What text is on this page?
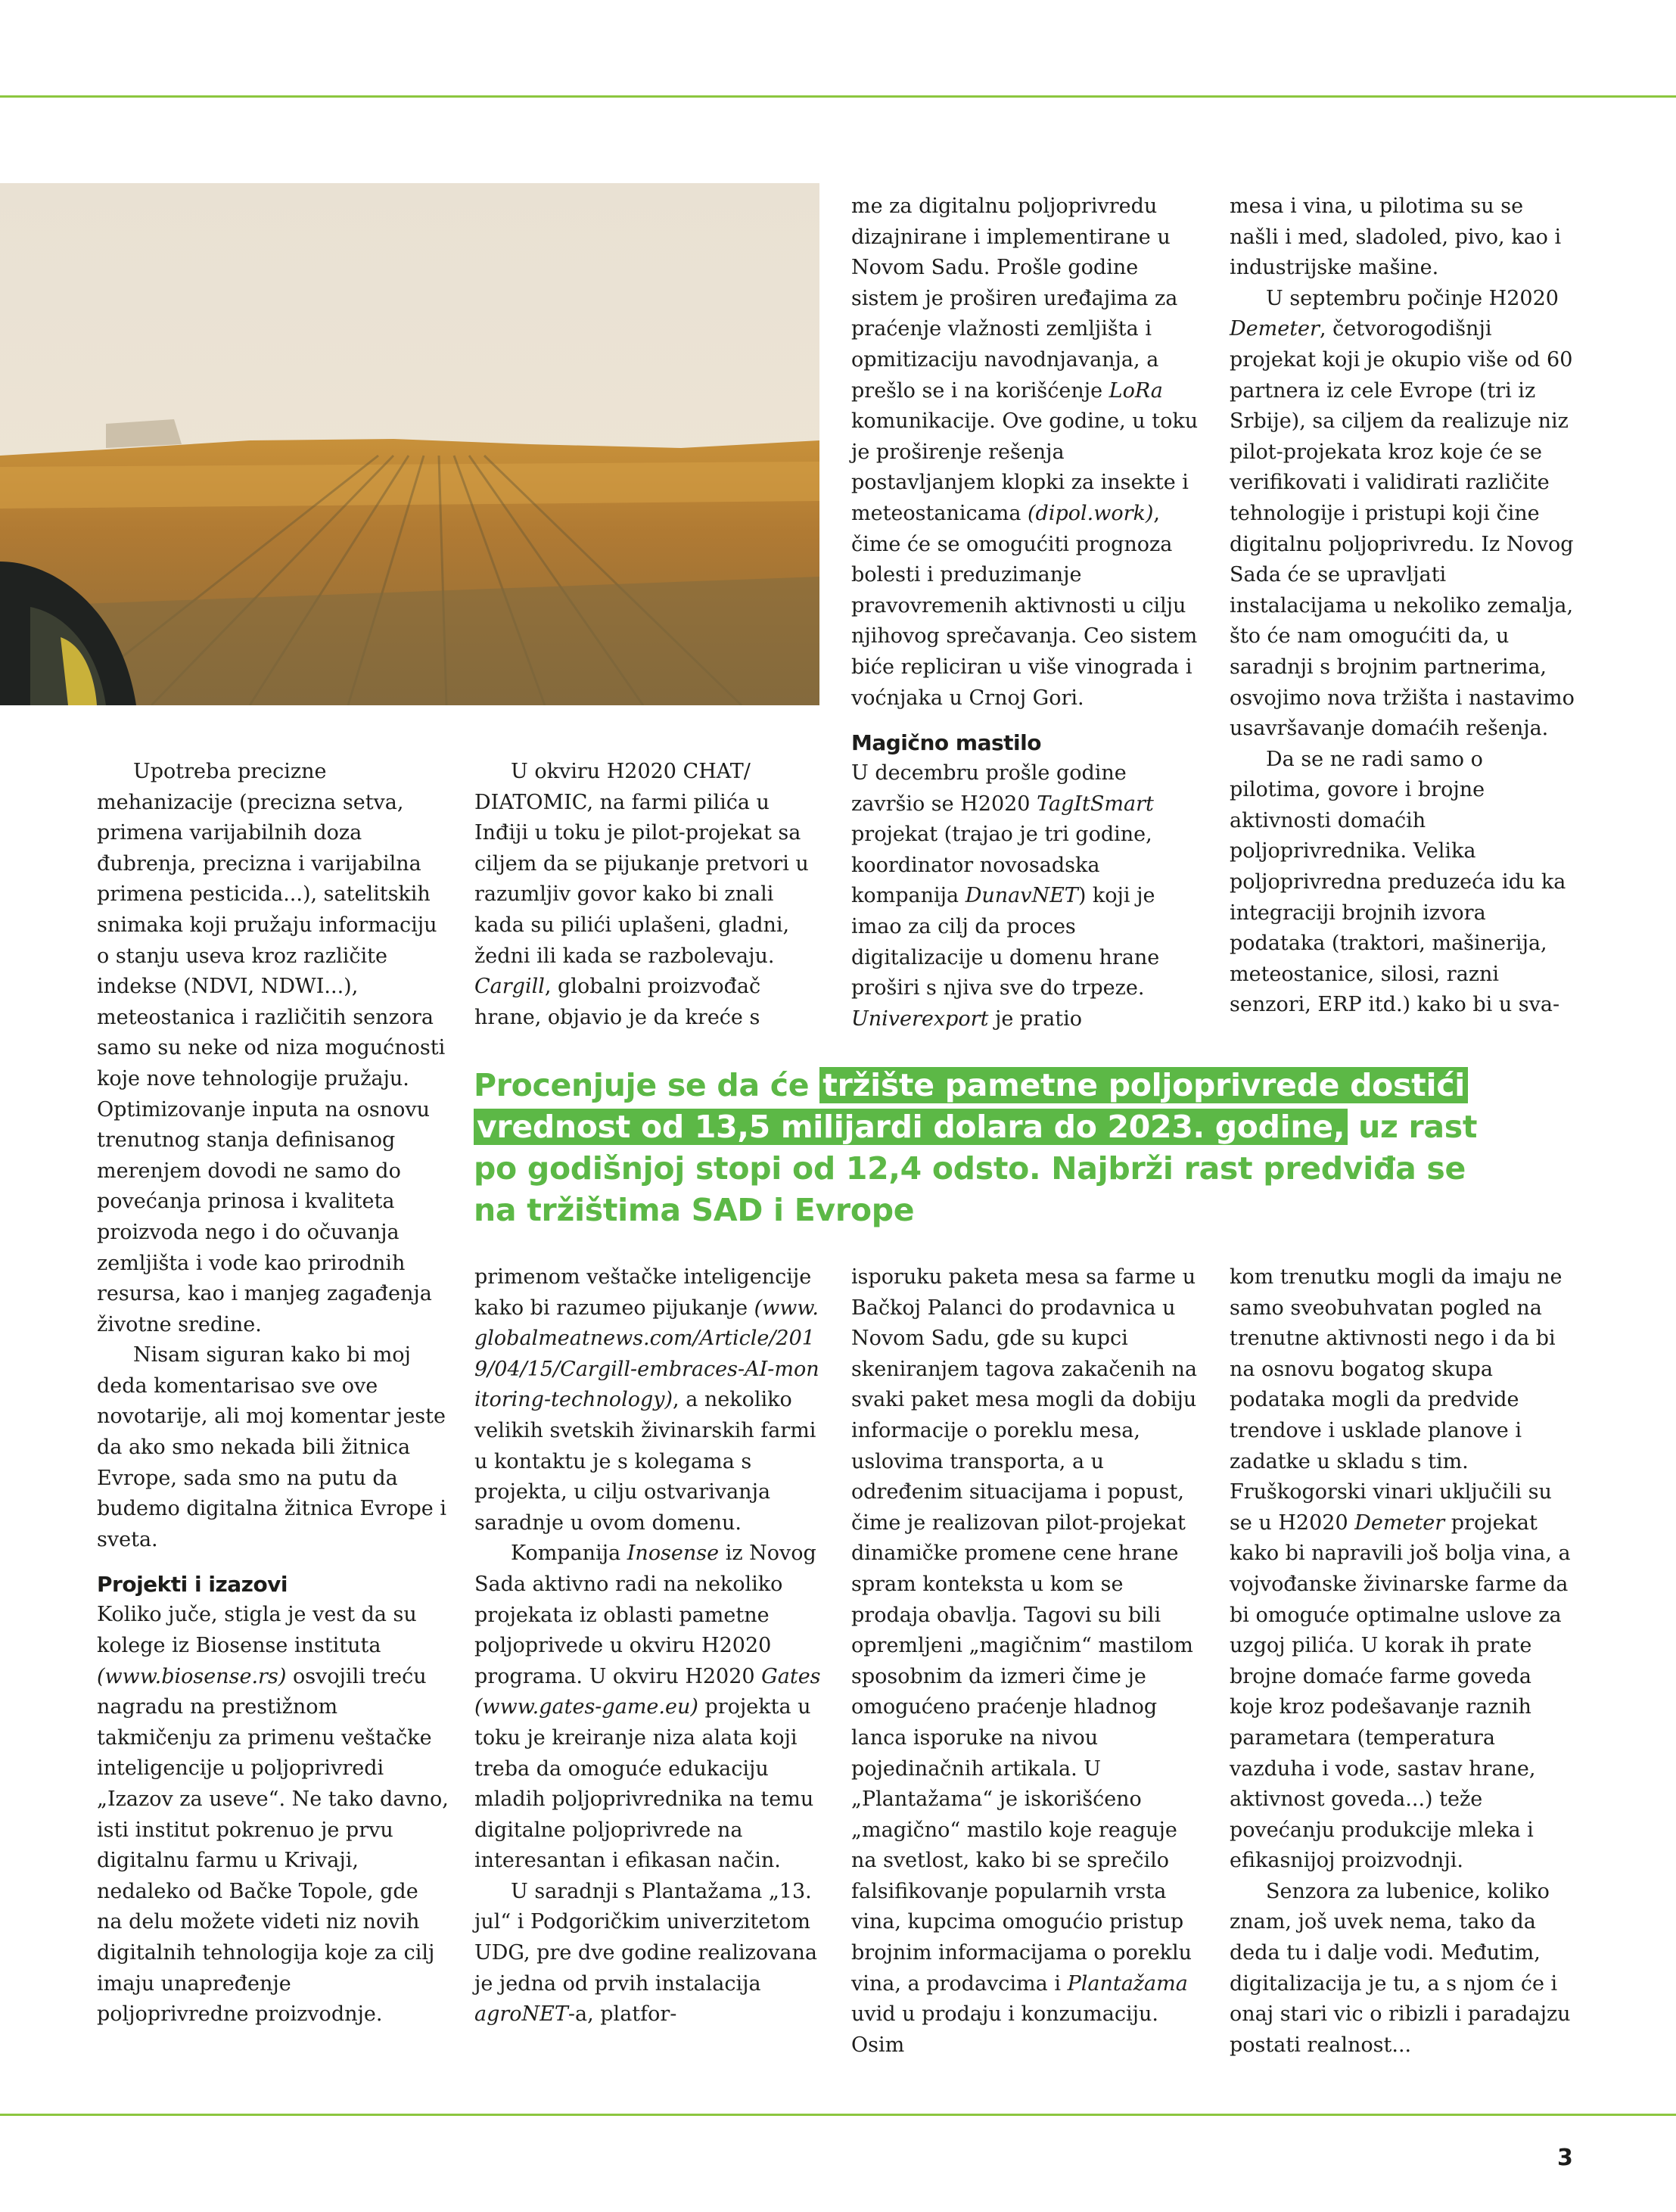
Upotreba precizne mehanizacije (precizna setva, primena varijabilnih doza đubrenja, precizna i varijabilna primena pesticida...), satelitskih snimaka koji pružaju informaciju o stanju useva kroz različite indekse (NDVI, NDWI...), meteostanica i različitih senzora samo su neke od niza mogućnosti koje nove tehnologije pružaju. Optimizovanje inputa na osnovu trenutnog stanja definisanog merenjem dovodi ne samo do povećanja prinosa i kvaliteta proizvoda nego i do očuvanja zemljišta i vode kao prirodnih resursa, kao i manjeg zagađenja životne sredine.

Nisam siguran kako bi moj deda komentarisao sve ove novotarije, ali moj komentar jeste da ako smo nekada bili žitnica Evrope, sada smo na putu da budemo digitalna žitnica Evrope i sveta.

Projekti i izazovi

Koliko juče, stigla je vest da su kolege iz Biosense instituta (www.biosense.rs) osvojili treću nagradu na prestižnom takmičenju za primenu veštačke inteligencije u poljoprivredi „Izazov za useve“. Ne tako davno, isti institut pokrenuo je prvu digitalnu farmu u Krivaji, nedaleko od Bačke Topole, gde na delu možete videti niz novih digitalnih tehnologija koje za cilj imaju unapređenje poljoprivredne proizvodnje.

U okviru H2020 CHAT/ DIATOMIC, na farmi pilića u Inđiji u toku je pilot-projekat sa ciljem da se pijukanje pretvori u razumljiv govor kako bi znali kada su pilići uplašeni, gladni, žedni ili kada se razbolevaju. Cargill, globalni proizvođač hrane, objavio je da kreće s

me za digitalnu poljoprivredu dizajnirane i implementirane u Novom Sadu. Prošle godine sistem je proširen uređajima za praćenje vlažnosti zemljišta i opmitizaciju navodnjavanja, a prešlo se i na korišćenje LoRa komunikacije. Ove godine, u toku je proširenje rešenja postavljanjem klopki za insekte i meteostanicama (dipol.work), čime će se omogućiti prognoza bolesti i preduzimanje pravovremenih aktivnosti u cilju njihovog sprečavanja. Ceo sistem biće repliciran u više vinograda i voćnjaka u Crnoj Gori.

Magično mastilo

U decembru prošle godine završio se H2020 TagItSmart projekat (trajao je tri godine, koordinator novosadska kompanija DunavNET) koji je imao za cilj da proces digitalizacije u domenu hrane proširi s njiva sve do trpeze. Univerexport je pratio

mesa i vina, u pilotima su se našli i med, sladoled, pivo, kao i industrijske mašine.

U septembru počinje H2020 Demeter, četvorogodišnji projekat koji je okupio više od 60 partnera iz cele Evrope (tri iz Srbije), sa ciljem da realizuje niz pilot-projekata kroz koje će se verifikovati i validirati različite tehnologije i pristupi koji čine digitalnu poljoprivredu. Iz Novog Sada će se upravljati instalacijama u nekoliko zemalja, što će nam omogućiti da, u saradnji s brojnim partnerima, osvojimo nova tržišta i nastavimo usavršavanje domaćih rešenja.

Da se ne radi samo o pilotima, govore i brojne aktivnosti domaćih poljoprivrednika. Velika poljoprivredna preduzeća idu ka integraciji brojnih izvora podataka (traktori, mašinerija, meteostanice, silosi, razni senzori, ERP itd.) kako bi u sva-

Procenjuje se da će tržište pametne poljoprivrede dostići
vrednost od 13,5 milijardi dolara do 2023. godine, uz rast
po godišnjoj stopi od 12,4 odsto. Najbrži rast predviđa se
na tržištima SAD i Evrope

primenom veštačke inteligencije kako bi razumeo pijukanje (www.globalmeatnews.com/Article/2019/04/15/Cargill-embraces-AI-monitoring-technology), a nekoliko velikih svetskih živinarskih farmi u kontaktu je s kolegama s projekta, u cilju ostvarivanja saradnje u ovom domenu.

Kompanija Inosense iz Novog Sada aktivno radi na nekoliko projekata iz oblasti pametne poljoprivede u okviru H2020 programa. U okviru H2020 Gates (www.gates-game.eu) projekta u toku je kreiranje niza alata koji treba da omoguće edukaciju mladih poljoprivrednika na temu digitalne poljoprivrede na interesantan i efikasan način.

U saradnji s Plantažama „13. jul“ i Podgoričkim univerzitetom UDG, pre dve godine realizovana je jedna od prvih instalacija agroNET-a, platfor-

isporuku paketa mesa sa farme u Bačkoj Palanci do prodavnica u Novom Sadu, gde su kupci skeniranjem tagova zakačenih na svaki paket mesa mogli da dobiju informacije o poreklu mesa, uslovima transporta, a u određenim situacijama i popust, čime je realizovan pilot-projekat dinamičke promene cene hrane spram konteksta u kom se prodaja obavlja. Tagovi su bili opremljeni „magičnim“ mastilom sposobnim da izmeri čime je omogućeno praćenje hladnog lanca isporuke na nivou pojedinačnih artikala. U „Plantažama“ je iskorišćeno „magično“ mastilo koje reaguje na svetlost, kako bi se sprečilo falsifikovanje popularnih vrsta vina, kupcima omogućio pristup brojnim informacijama o poreklu vina, a prodavcima i Plantažama uvid u prodaju i konzumaciju. Osim

kom trenutku mogli da imaju ne samo sveobuhvatan pogled na trenutne aktivnosti nego i da bi na osnovu bogatog skupa podataka mogli da predvide trendove i usklade planove i zadatke u skladu s tim. Fruškogorski vinari uključili su se u H2020 Demeter projekat kako bi napravili još bolja vina, a vojvođanske živinarske farme da bi omogućе optimalne uslove za uzgoj pilića. U korak ih prate brojne domaće farme goveda koje kroz podešavanje raznih parametara (temperatura vazduha i vode, sastav hrane, aktivnost goveda...) teže povećanju produkcije mleka i efikasnijoj proizvodnji.

Senzora za lubenice, koliko znam, još uvek nema, tako da deda tu i dalje vodi. Međutim, digitalizacija je tu, a s njom će i onaj stari vic o ribizli i paradajzu postati realnost...

3
